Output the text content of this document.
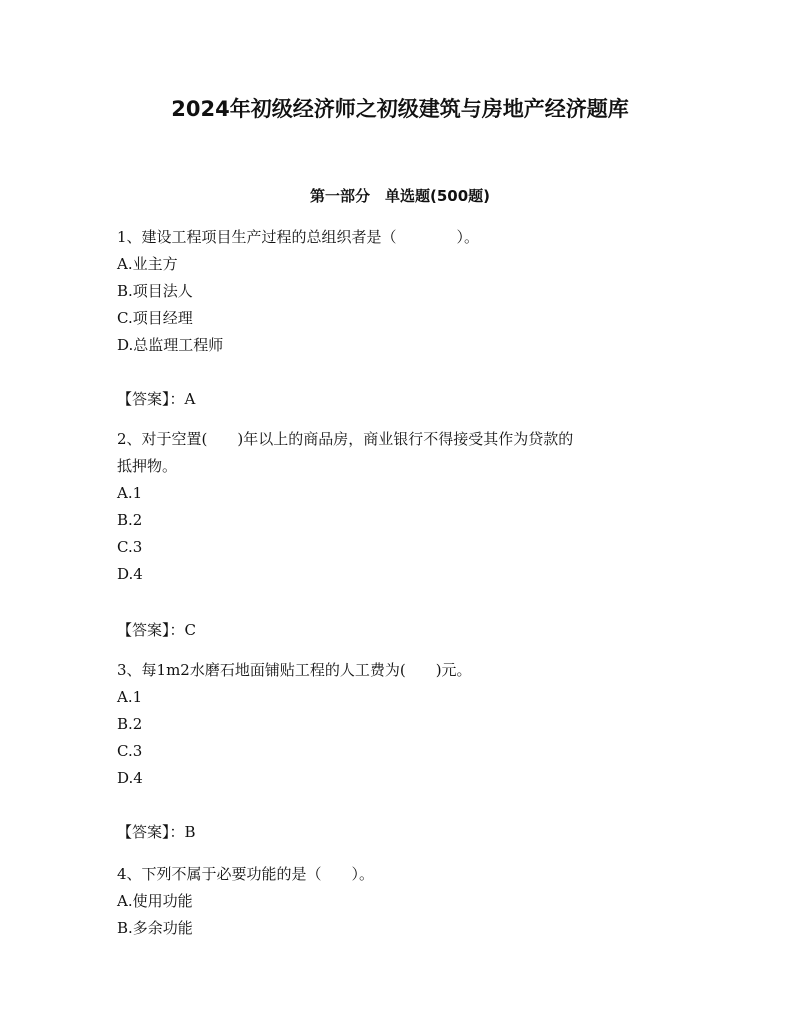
2024年初级经济师之初级建筑与房地产经济题库
第一部分　单选题(500题)

1、建设工程项目生产过程的总组织者是（　　　　）。

A.业主方

B.项目法人

C.项目经理

D.总监理工程师

【答案】：A

2、对于空置(　　)年以上的商品房，商业银行不得接受其作为贷款的

抵押物。

A.1

B.2

C.3

D.4

【答案】：C

3、每1m2水磨石地面铺贴工程的人工费为(　　)元。

A.1

B.2

C.3

D.4

【答案】：B

4、下列不属于必要功能的是（　　）。

A.使用功能

B.多余功能
